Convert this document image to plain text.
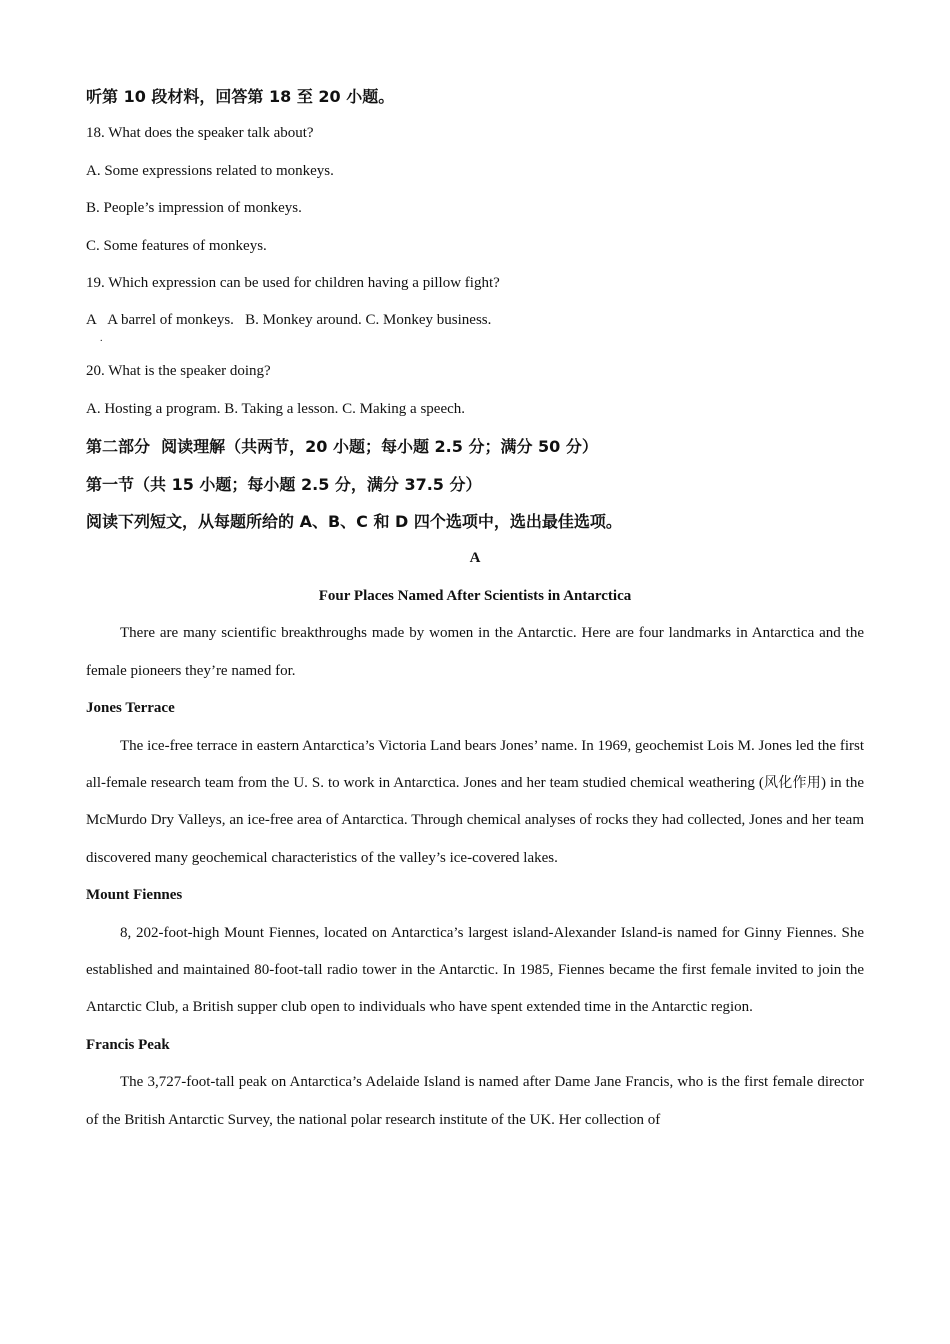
听第 10 段材料，回答第 18 至 20 小题。
18. What does the speaker talk about?
A. Some expressions related to monkeys.
B. People’s impression of monkeys.
C. Some features of monkeys.
19. Which expression can be used for children having a pillow fight?
A
.
A barrel of monkeys.   B. Monkey around. C. Monkey business.
20. What is the speaker doing?
A. Hosting a program. B. Taking a lesson. C. Making a speech.
第二部分  阅读理解（共两节，20 小题；每小题 2.5 分；满分 50 分）
第一节（共 15 小题；每小题 2.5 分，满分 37.5 分）
阅读下列短文，从每题所给的 A、B、C 和 D 四个选项中，选出最佳选项。
A
Four Places Named After Scientists in Antarctica
There are many scientific breakthroughs made by women in the Antarctic. Here are four landmarks in Antarctica and the female pioneers they’re named for.
Jones Terrace
The ice-free terrace in eastern Antarctica’s Victoria Land bears Jones’ name. In 1969, geochemist Lois M. Jones led the first all-female research team from the U. S. to work in Antarctica. Jones and her team studied chemical weathering (风化作用) in the McMurdo Dry Valleys, an ice-free area of Antarctica. Through chemical analyses of rocks they had collected, Jones and her team discovered many geochemical characteristics of the valley’s ice-covered lakes.
Mount Fiennes
8, 202-foot-high Mount Fiennes, located on Antarctica’s largest island-Alexander Island-is named for Ginny Fiennes. She established and maintained 80-foot-tall radio tower in the Antarctic. In 1985, Fiennes became the first female invited to join the Antarctic Club, a British supper club open to individuals who have spent extended time in the Antarctic region.
Francis Peak
The 3,727-foot-tall peak on Antarctica’s Adelaide Island is named after Dame Jane Francis, who is the first female director of the British Antarctic Survey, the national polar research institute of the UK. Her collection of
